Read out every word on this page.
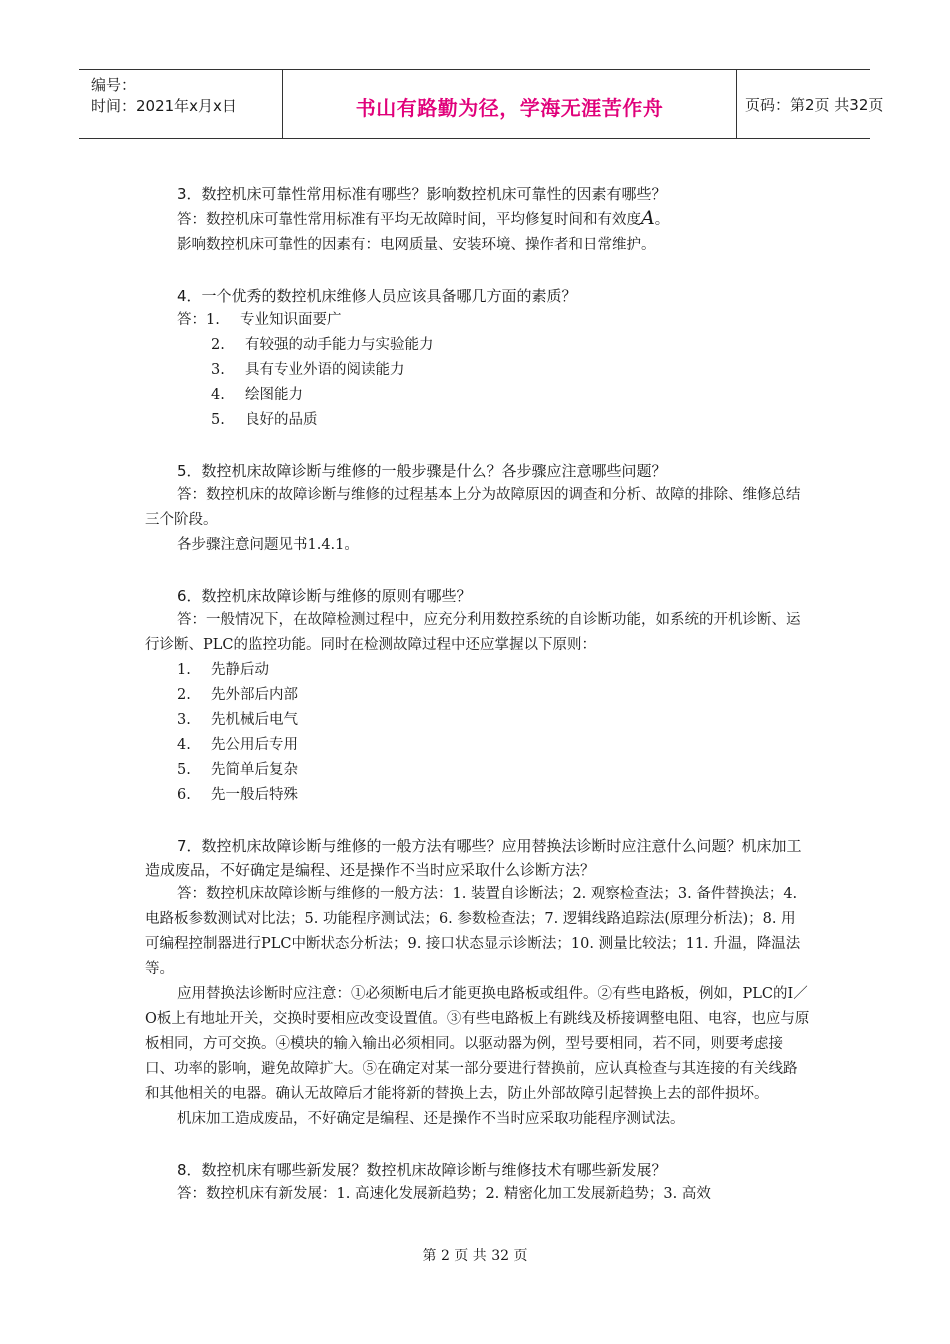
编号：
时间：2021年x月x日	书山有路勤为径，学海无涯苦作舟	页码：第2页 共32页

3．数控机床可靠性常用标准有哪些？影响数控机床可靠性的因素有哪些？

答：数控机床可靠性常用标准有平均无故障时间，平均修复时间和有效度A。

影响数控机床可靠性的因素有：电网质量、安装环境、操作者和日常维护。

4．一个优秀的数控机床维修人员应该具备哪几方面的素质？

答：1. 专业知识面要广
2. 有较强的动手能力与实验能力
3. 具有专业外语的阅读能力
4. 绘图能力
5. 良好的品质

5．数控机床故障诊断与维修的一般步骤是什么？各步骤应注意哪些问题？

答：数控机床的故障诊断与维修的过程基本上分为故障原因的调查和分析、故障的排除、维修总结三个阶段。

各步骤注意问题见书1.4.1。

6．数控机床故障诊断与维修的原则有哪些？

答：一般情况下，在故障检测过程中，应充分利用数控系统的自诊断功能，如系统的开机诊断、运行诊断、PLC的监控功能。同时在检测故障过程中还应掌握以下原则：

1. 先静后动
2. 先外部后内部
3. 先机械后电气
4. 先公用后专用
5. 先简单后复杂
6. 先一般后特殊

7．数控机床故障诊断与维修的一般方法有哪些？应用替换法诊断时应注意什么问题？机床加工造成废品，不好确定是编程、还是操作不当时应采取什么诊断方法？

答：数控机床故障诊断与维修的一般方法：1. 装置自诊断法；2. 观察检查法；3. 备件替换法；4. 电路板参数测试对比法；5. 功能程序测试法；6. 参数检查法；7. 逻辑线路追踪法(原理分析法)；8. 用可编程控制器进行PLC中断状态分析法；9. 接口状态显示诊断法；10. 测量比较法；11. 升温，降温法等。

应用替换法诊断时应注意：①必须断电后才能更换电路板或组件。②有些电路板，例如，PLC的I／O板上有地址开关，交换时要相应改变设置值。③有些电路板上有跳线及桥接调整电阻、电容，也应与原板相同，方可交换。④模块的输入输出必须相同。以驱动器为例，型号要相同，若不同，则要考虑接口、功率的影响，避免故障扩大。⑤在确定对某一部分要进行替换前，应认真检查与其连接的有关线路和其他相关的电器。确认无故障后才能将新的替换上去，防止外部故障引起替换上去的部件损坏。

机床加工造成废品，不好确定是编程、还是操作不当时应采取功能程序测试法。

8．数控机床有哪些新发展？数控机床故障诊断与维修技术有哪些新发展？

答：数控机床有新发展：1. 高速化发展新趋势；2. 精密化加工发展新趋势；3. 高效

第 2 页 共 32 页
